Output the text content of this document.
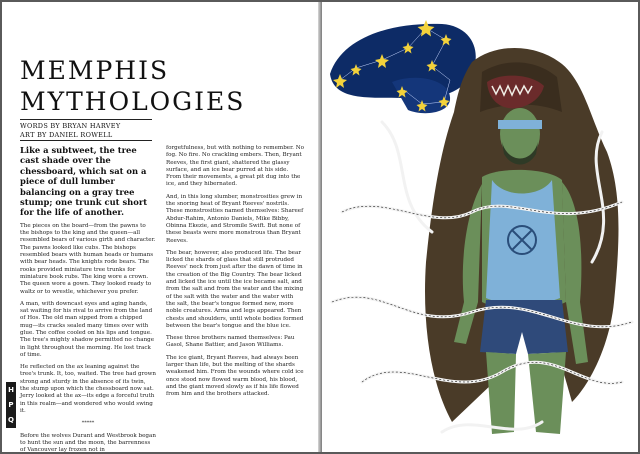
MEMPHIS
MYTHOLOGIES
WORDS BY BRYAN HARVEY
ART BY DANIEL ROWELL

Like a subtweet, the tree cast shade over the chessboard, which sat on a piece of dull lumber balancing on a gray tree stump; one trunk cut short for the life of another.

The pieces on the board—from the pawns to the bishops to the king and the queen—all resembled bears of various girth and character. The pawns looked like cubs. The bishops resembled bears with human heads or humans with bear heads. The knights rode bears. The rooks provided miniature tree trunks for miniature book rubs. The king wore a crown. The queen wore a gown. They looked ready to waltz or to wrestle, whichever you prefer.

A man, with downcast eyes and aging hands, sat waiting for his rival to arrive from the land of Hos. The old man sipped from a chipped mug—its cracks sealed many times over with glue. The coffee cooled on his lips and tongue. The tree's mighty shadow permitted no change in light throughout the morning. He lost track of time.

He reflected on the ax leaning against the tree's trunk. It, too, waited. The tree had grown strong and sturdy in the absence of its twin, the stump upon which the chessboard now sat. Jerry looked at the ax—its edge a forceful truth in this realm—and wondered who would swing it.

*****

Before the wolves Durant and Westbrook began to hunt the sun and the moon, the barrenness of Vancouver lay frozen not in

forgetfulness, but with nothing to remember. No fog. No fire. No crackling embers. Then, Bryant Reeves, the first giant, shattered the glassy surface, and an ice bear purred at his side. From their movements, a great pit dug into the ice, and they hibernated.

And, in this long slumber, monstrosities grew in the snoring heat of Bryant Reeves' nostrils. These monstrosities named themselves: Shareef Abdur-Rahim, Antonio Daniels, Mike Bibby, Obinna Ekezie, and Stromile Swift. But none of these beasts were more monstrous than Bryant Reeves.

The bear, however, also produced life. The bear licked the shards of glass that still protruded Reeves' neck from just after the dawn of time in the creation of the Big Country. The bear licked and licked the ice until the ice became salt, and from the salt and from the water and the mixing of the salt with the water and the water with the salt, the bear's tongue formed new, more noble creatures. Arma and legs appeared. Then chests and shoulders, until whole bodies formed between the bear's tongue and the blue ice.

These three brothers named themselves: Pau Gasol, Shane Battier, and Jason Williams.

The ice giant, Bryant Reeves, had always been larger than life, but the melting of the shards weakened him. From the wounds where cold ice once stood now flowed warm blood, his blood, and the giant moved slowly as if his life flowed from him and the brothers attacked.

H
P
Q
